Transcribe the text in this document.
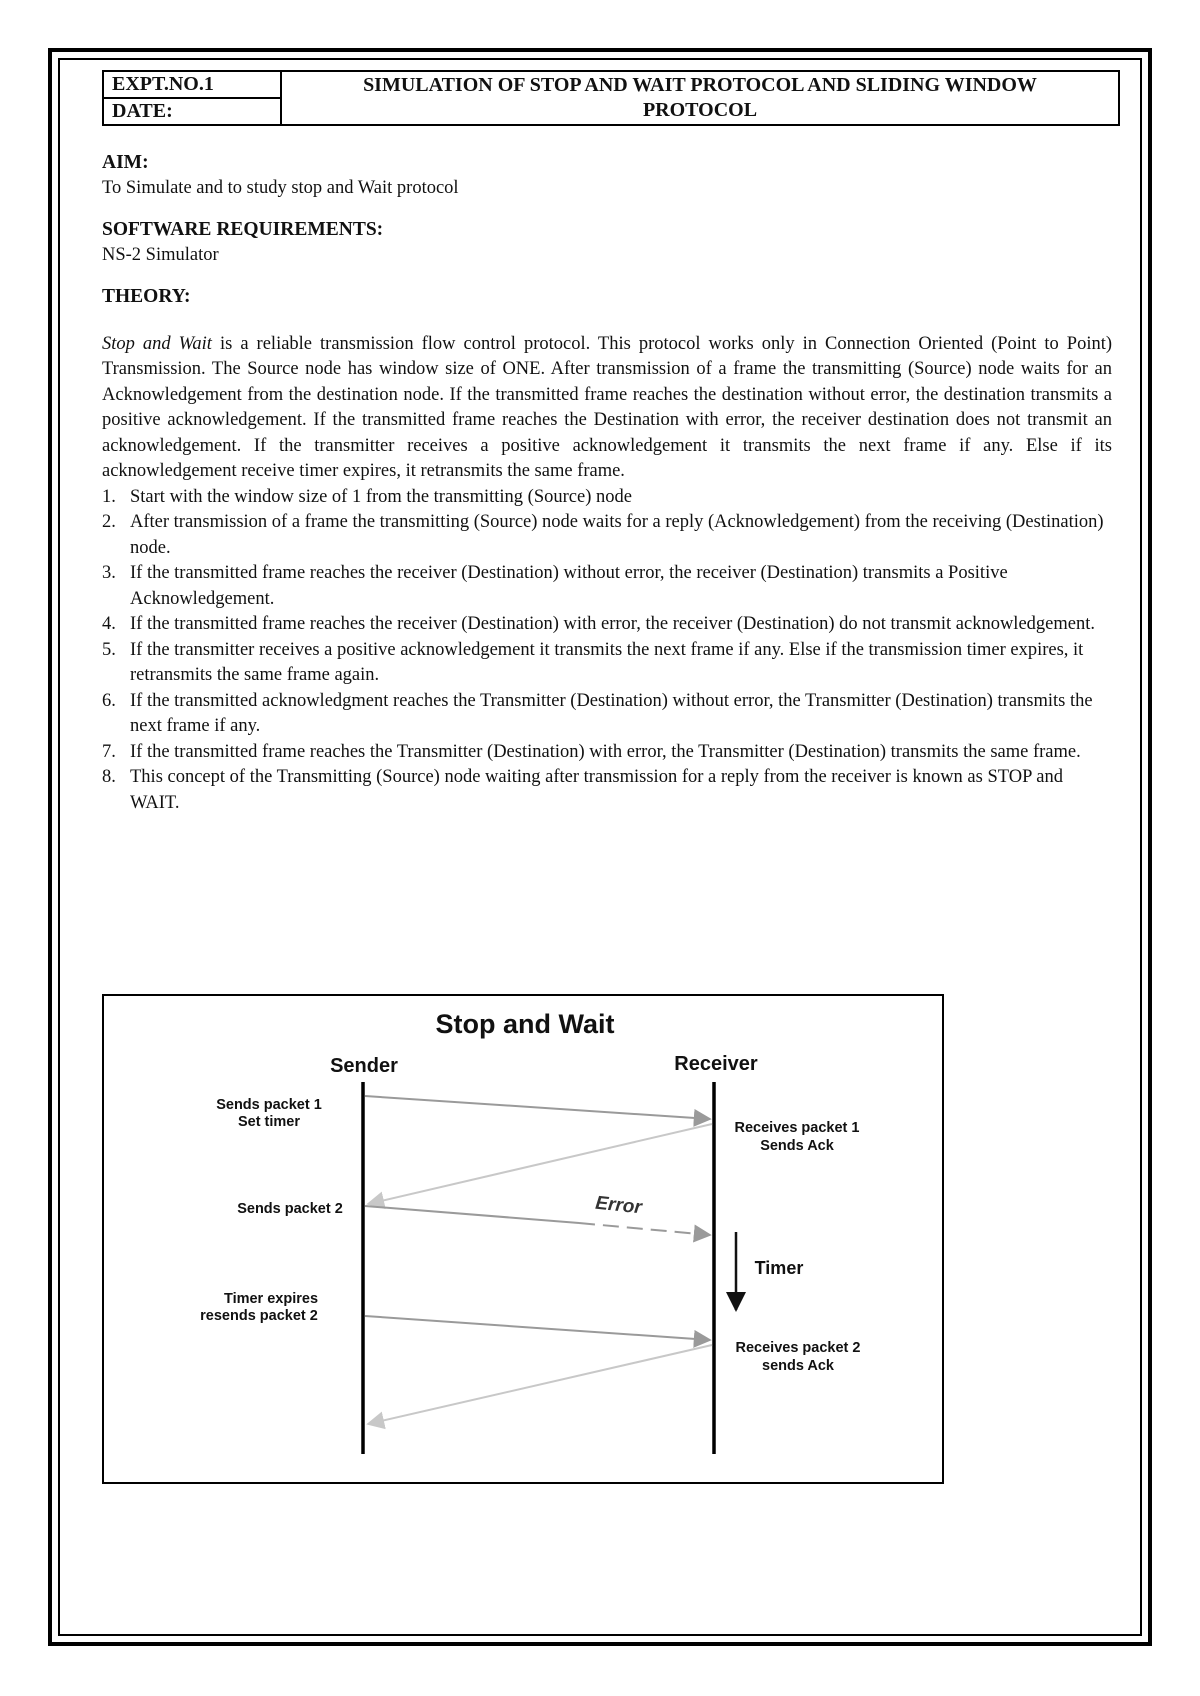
EXPT.NO.1
DATE:
SIMULATION OF STOP AND WAIT PROTOCOL AND SLIDING WINDOW
PROTOCOL
AIM:
To Simulate and to study stop and Wait protocol
SOFTWARE REQUIREMENTS:
NS-2 Simulator
THEORY:

Stop and Wait is a reliable transmission flow control protocol. This protocol works only in Connection Oriented (Point to Point) Transmission. The Source node has window size of ONE. After transmission of a frame the transmitting (Source) node waits for an Acknowledgement from the destination node. If the transmitted frame reaches the destination without error, the destination transmits a positive acknowledgement. If the transmitted frame reaches the Destination with error, the receiver destination does not transmit an acknowledgement. If the transmitter receives a positive acknowledgement it transmits the next frame if any. Else if its acknowledgement receive timer expires, it retransmits the same frame.

1. Start with the window size of 1 from the transmitting (Source) node
2. After transmission of a frame the transmitting (Source) node waits for a reply (Acknowledgement) from the receiving (Destination) node.
3. If the transmitted frame reaches the receiver (Destination) without error, the receiver (Destination) transmits a Positive Acknowledgement.
4. If the transmitted frame reaches the receiver (Destination) with error, the receiver (Destination) do not transmit acknowledgement.
5. If the transmitter receives a positive acknowledgement it transmits the next frame if any. Else if the transmission timer expires, it retransmits the same frame again.
6. If the transmitted acknowledgment reaches the Transmitter (Destination) without error, the Transmitter (Destination) transmits the next frame if any.
7. If the transmitted frame reaches the Transmitter (Destination) with error, the Transmitter (Destination) transmits the same frame.
8. This concept of the Transmitting (Source) node waiting after transmission for a reply from the receiver is known as STOP and WAIT.
Stop and Wait
Sender	Receiver
Sends packet 1
Set timer	Receives packet 1
Sends Ack
Sends packet 2	Error
Timer
Timer expires
resends packet 2
Receives packet 2
sends Ack
